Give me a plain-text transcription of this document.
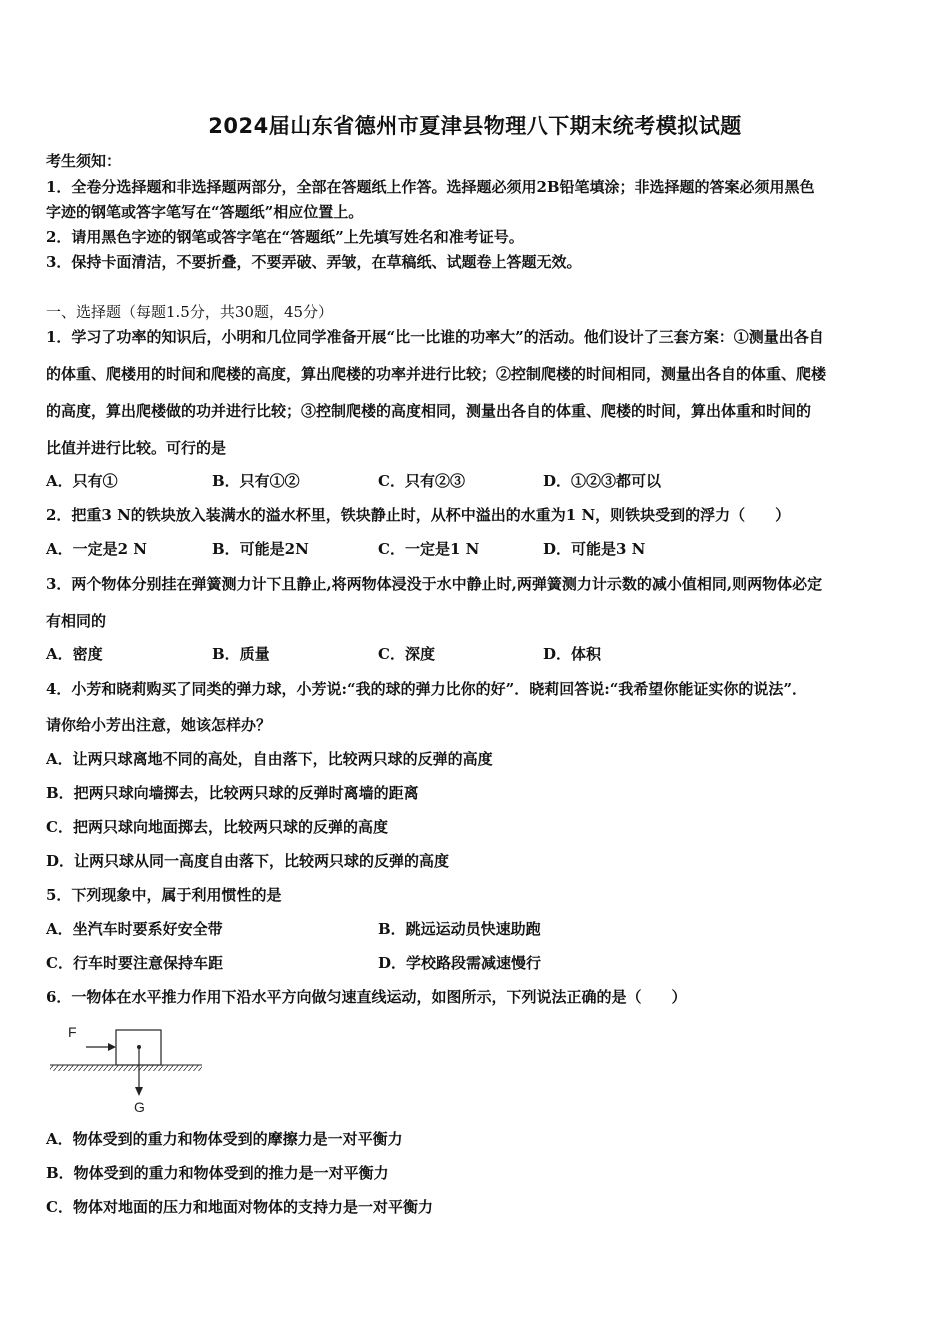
2024届山东省德州市夏津县物理八下期末统考模拟试题
考生须知：
1．全卷分选择题和非选择题两部分，全部在答题纸上作答。选择题必须用2B铅笔填涂；非选择题的答案必须用黑色
字迹的钢笔或答字笔写在“答题纸”相应位置上。
2．请用黑色字迹的钢笔或答字笔在“答题纸”上先填写姓名和准考证号。
3．保持卡面清洁，不要折叠，不要弄破、弄皱，在草稿纸、试题卷上答题无效。
一、选择题（每题1.5分，共30题，45分）
1．学习了功率的知识后，小明和几位同学准备开展“比一比谁的功率大”的活动。他们设计了三套方案：①测量出各自
的体重、爬楼用的时间和爬楼的高度，算出爬楼的功率并进行比较；②控制爬楼的时间相同，测量出各自的体重、爬楼
的高度，算出爬楼做的功并进行比较；③控制爬楼的高度相同，测量出各自的体重、爬楼的时间，算出体重和时间的
比值并进行比较。可行的是
A．只有①	B．只有①②	C．只有②③	D．①②③都可以
2．把重3 N的铁块放入装满水的溢水杯里，铁块静止时，从杯中溢出的水重为1 N，则铁块受到的浮力（　　）
A．一定是2 N	B．可能是2N	C．一定是1 N	D．可能是3 N
3．两个物体分别挂在弹簧测力计下且静止,将两物体浸没于水中静止时,两弹簧测力计示数的减小值相同,则两物体必定
有相同的
A．密度	B．质量	C．深度	D．体积
4．小芳和晓莉购买了同类的弹力球，小芳说:“我的球的弹力比你的好”．晓莉回答说:“我希望你能证实你的说法”．
请你给小芳出注意，她该怎样办？
A．让两只球离地不同的高处，自由落下，比较两只球的反弹的高度
B．把两只球向墙掷去，比较两只球的反弹时离墙的距离
C．把两只球向地面掷去，比较两只球的反弹的高度
D．让两只球从同一高度自由落下，比较两只球的反弹的高度
5．下列现象中，属于利用惯性的是
A．坐汽车时要系好安全带	B．跳远运动员快速助跑
C．行车时要注意保持车距	D．学校路段需减速慢行
6．一物体在水平推力作用下沿水平方向做匀速直线运动，如图所示，下列说法正确的是（　　）
F
G
A．物体受到的重力和物体受到的摩擦力是一对平衡力
B．物体受到的重力和物体受到的推力是一对平衡力
C．物体对地面的压力和地面对物体的支持力是一对平衡力
